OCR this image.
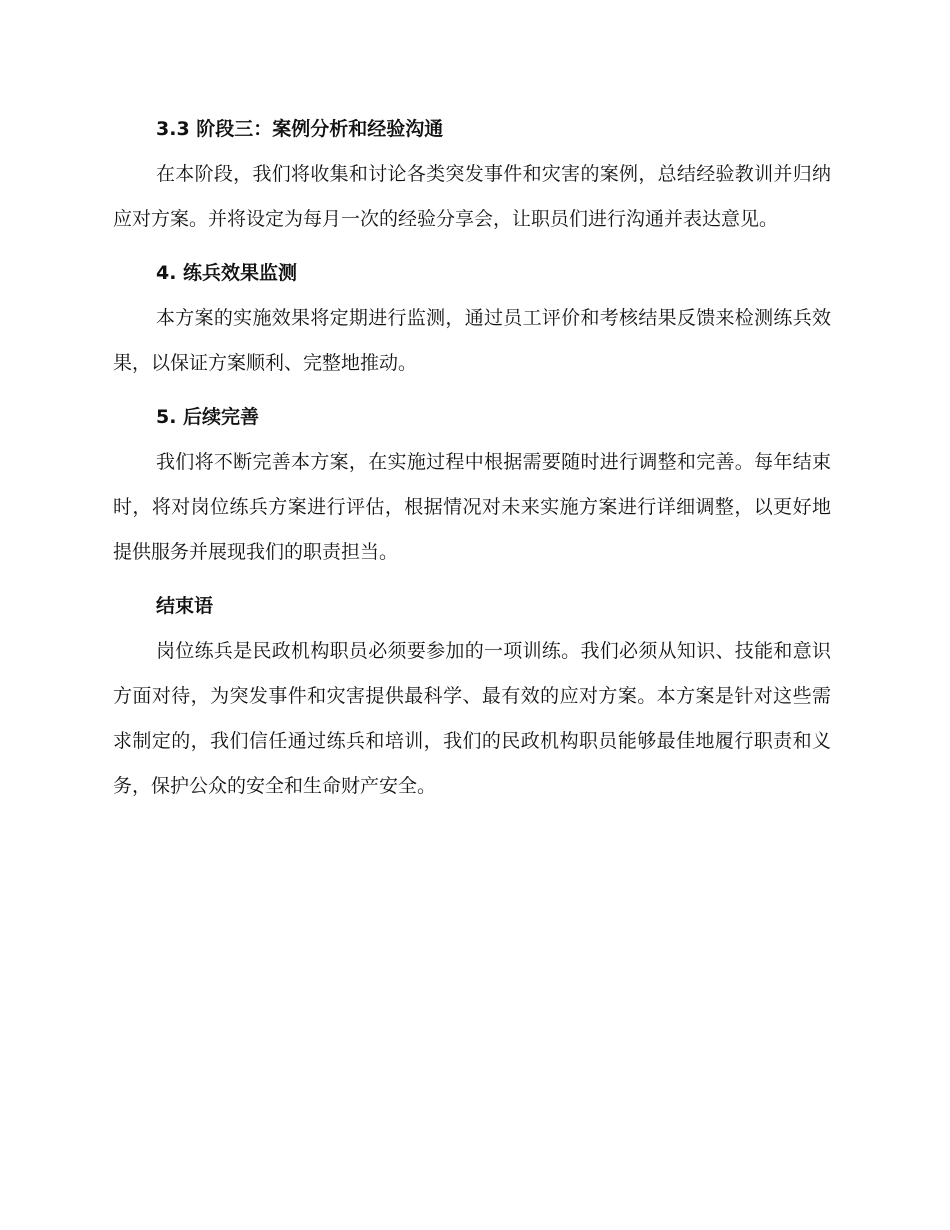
3.3 阶段三：案例分析和经验沟通

在本阶段，我们将收集和讨论各类突发事件和灾害的案例，总结经验教训并归纳应对方案。并将设定为每月一次的经验分享会，让职员们进行沟通并表达意见。

4. 练兵效果监测

本方案的实施效果将定期进行监测，通过员工评价和考核结果反馈来检测练兵效果，以保证方案顺利、完整地推动。

5. 后续完善

我们将不断完善本方案，在实施过程中根据需要随时进行调整和完善。每年结束时，将对岗位练兵方案进行评估，根据情况对未来实施方案进行详细调整，以更好地提供服务并展现我们的职责担当。

结束语

岗位练兵是民政机构职员必须要参加的一项训练。我们必须从知识、技能和意识方面对待，为突发事件和灾害提供最科学、最有效的应对方案。本方案是针对这些需求制定的，我们信任通过练兵和培训，我们的民政机构职员能够最佳地履行职责和义务，保护公众的安全和生命财产安全。
